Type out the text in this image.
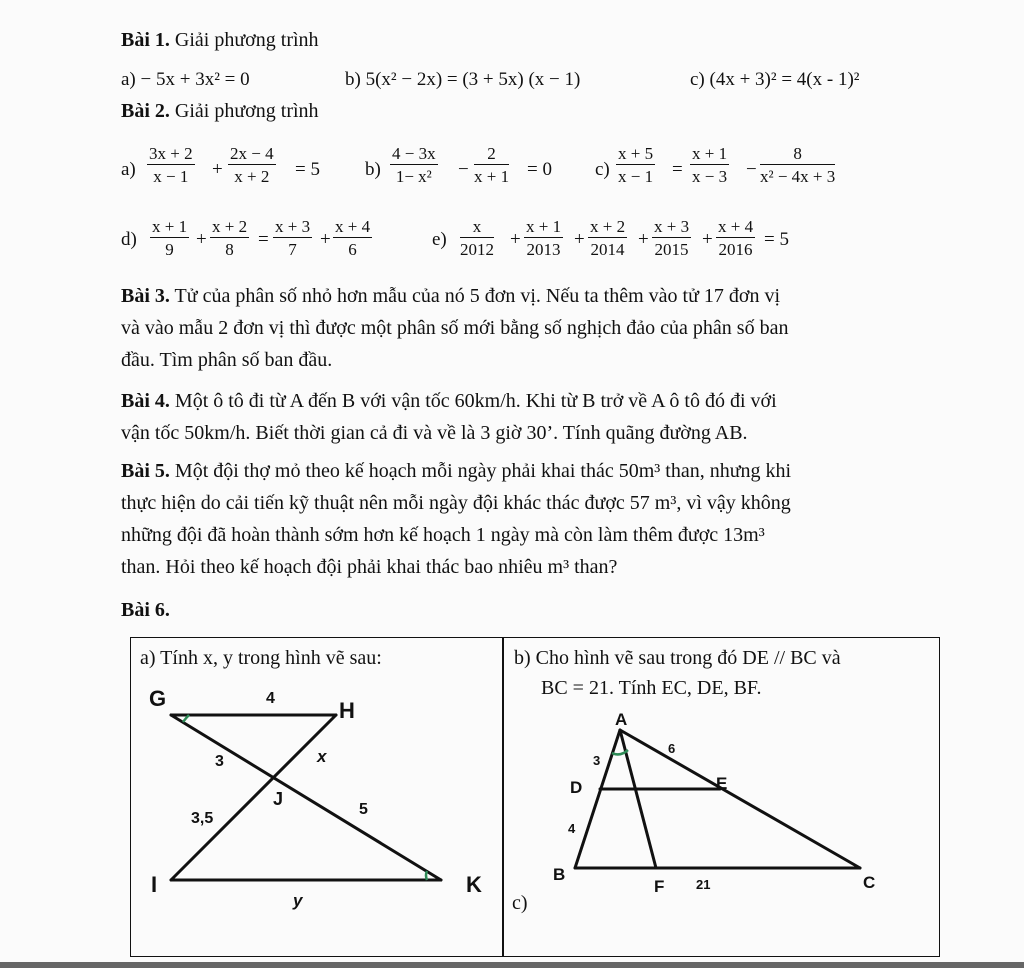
Bài 1. Giải phương trình
a) − 5x + 3x² = 0	b) 5(x² − 2x) = (3 + 5x) (x − 1)	c) (4x + 3)² = 4(x - 1)²
Bài 2. Giải phương trình
$a) \frac{3x + 2}{x - 1} + \frac{2x - 4}{x + 2} = 5$ $b) \frac{4 - 3x}{\text{1− x²}} - \frac{2}{x + 1} = 0$ $c) \frac{x + 5}{x - 1} = \frac{x + 1}{x - 3} - \frac{8}{\text{x² − 4x + 3}}$
$d) \frac{x + 1}{9} + \frac{x + 2}{8} = \frac{x + 3}{7} + \frac{x + 4}{6}$	$e) \frac{x}{2012} + \frac{x + 1}{2013} + \frac{x + 2}{2014} + \frac{x + 3}{2015} + \frac{x + 4}{2016} = 5$
Bài 3. Tử của phân số nhỏ hơn mẫu của nó 5 đơn vị. Nếu ta thêm vào tử 17 đơn vị
và vào mẫu 2 đơn vị thì được một phân số mới bằng số nghịch đảo của phân số ban
đầu. Tìm phân số ban đầu.
Bài 4. Một ô tô đi từ A đến B với vận tốc 60km/h. Khi từ B trở về A ô tô đó đi với
vận tốc 50km/h. Biết thời gian cả đi và về là 3 giờ 30’. Tính quãng đường AB.
Bài 5. Một đội thợ mỏ theo kế hoạch mỗi ngày phải khai thác 50m³ than, nhưng khi
thực hiện do cải tiến kỹ thuật nên mỗi ngày đội khác thác được 57 m³, vì vậy không
những đội đã hoàn thành sớm hơn kế hoạch 1 ngày mà còn làm thêm được 13m³
than. Hỏi theo kế hoạch đội phải khai thác bao nhiêu m³ than?
Bài 6.
a) Tính x, y trong hình vẽ sau:	b) Cho hình vẽ sau trong đó DE // BC và
BC = 21. Tính EC, DE, BF.
c)
G	H
I	K
J
4
3	x
3,5
5
y
A
D	E
B
F	C
3
6
4
21
